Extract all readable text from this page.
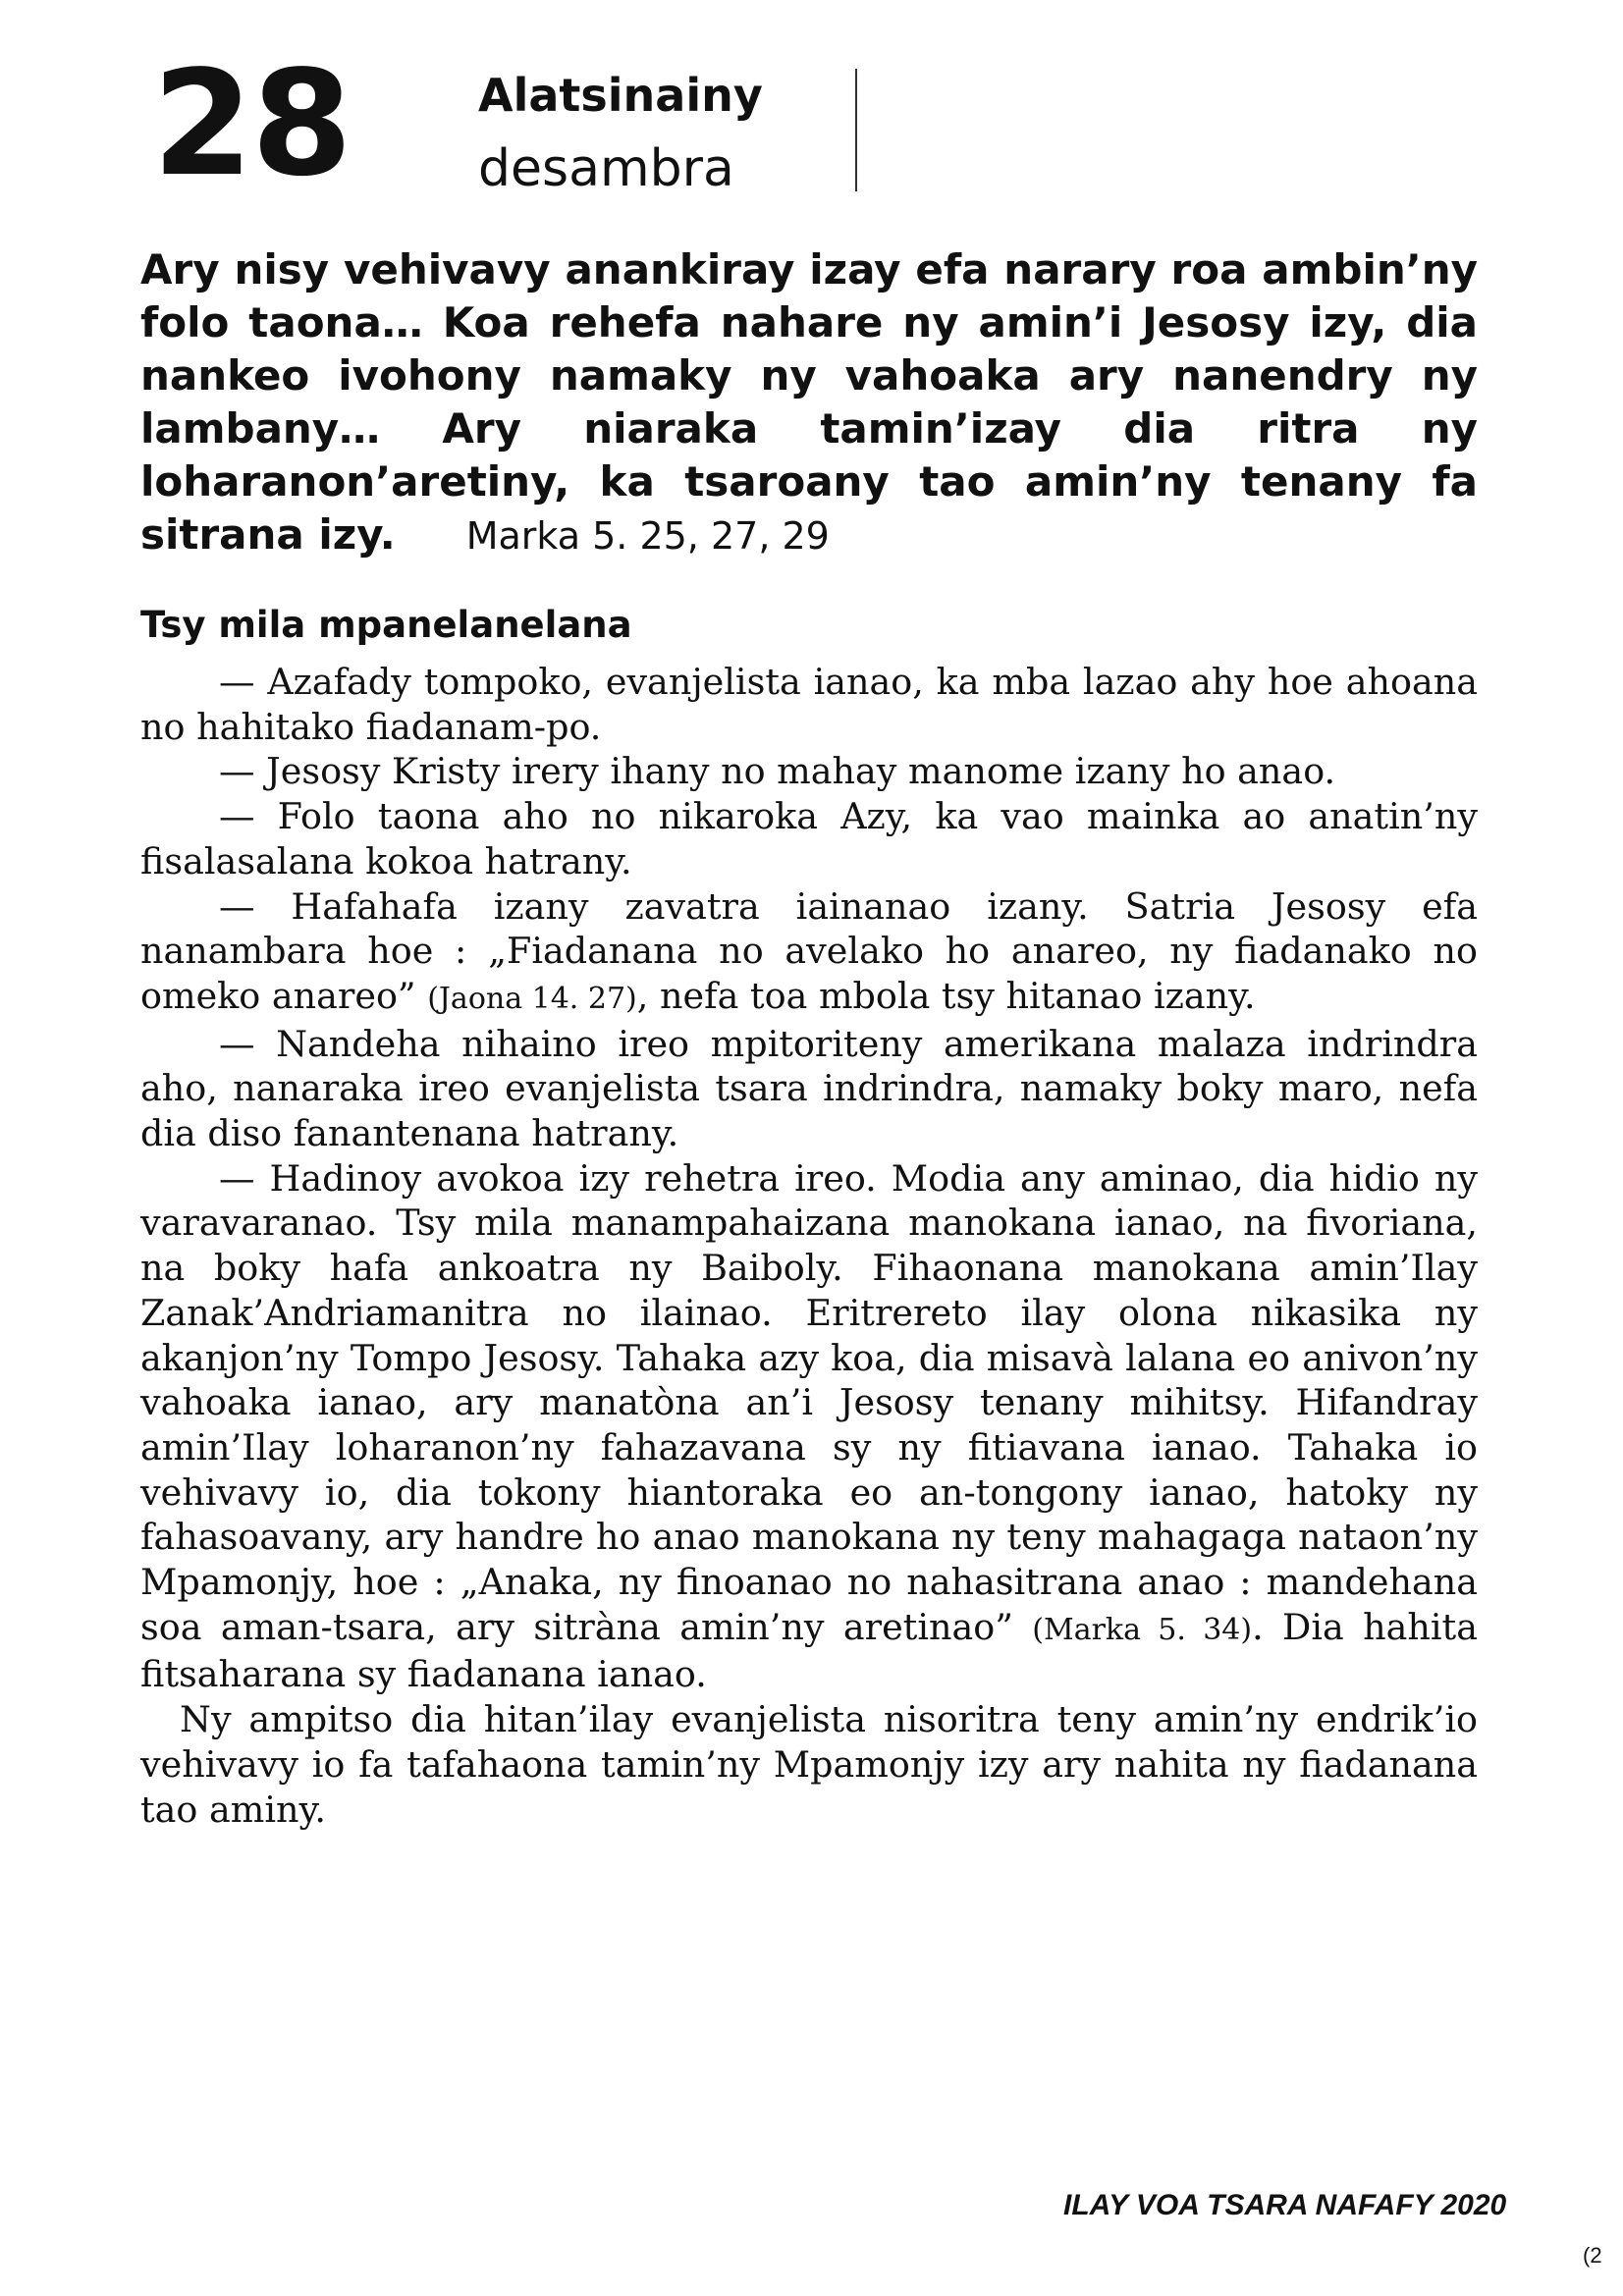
28	Alatsinainy
desambra

Ary nisy vehivavy anankiray izay efa narary roa ambin’ny folo taona… Koa rehefa nahare ny amin’i Jesosy izy, dia nankeo ivohony namaky ny vahoaka ary nanendry ny lambany… Ary niaraka tamin’izay dia ritra ny loharanon’aretiny, ka tsaroany tao amin’ny tenany fa sitrana izy. Marka 5. 25, 27, 29

Tsy mila mpanelanelana

— Azafady tompoko, evanjelista ianao, ka mba lazao ahy hoe ahoana no hahitako fiadanam-po.

— Jesosy Kristy irery ihany no mahay manome izany ho anao.

— Folo taona aho no nikaroka Azy, ka vao mainka ao anatin’ny fisalasalana kokoa hatrany.

— Hafahafa izany zavatra iainanao izany. Satria Jesosy efa nanambara hoe : „Fiadanana no avelako ho anareo, ny fiadanako no omeko anareo” (Jaona 14. 27), nefa toa mbola tsy hitanao izany.

— Nandeha nihaino ireo mpitoriteny amerikana malaza indrindra aho, nanaraka ireo evanjelista tsara indrindra, namaky boky maro, nefa dia diso fanantenana hatrany.

— Hadinoy avokoa izy rehetra ireo. Modia any aminao, dia hidio ny varavaranao. Tsy mila manampahaizana manokana ianao, na fivoriana, na boky hafa ankoatra ny Baiboly. Fihaonana manokana amin’Ilay Zanak’Andriamanitra no ilainao. Eritrereto ilay olona nikasika ny akanjon’ny Tompo Jesosy. Tahaka azy koa, dia misavà lalana eo anivon’ny vahoaka ianao, ary manatòna an’i Jesosy tenany mihitsy. Hifandray amin’Ilay loharanon’ny fahazavana sy ny fitiavana ianao. Tahaka io vehivavy io, dia tokony hiantoraka eo an-tongony ianao, hatoky ny fahasoavany, ary handre ho anao manokana ny teny mahagaga nataon’ny Mpamonjy, hoe : „Anaka, ny finoanao no nahasitrana anao : mandehana soa aman-tsara, ary sitràna amin’ny aretinao” (Marka 5. 34). Dia hahita fitsaharana sy fiadanana ianao.

Ny ampitso dia hitan’ilay evanjelista nisoritra teny amin’ny endrik’io vehivavy io fa tafahaona tamin’ny Mpamonjy izy ary nahita ny fiadanana tao aminy.

ILAY VOA TSARA NAFAFY 2020
(2
